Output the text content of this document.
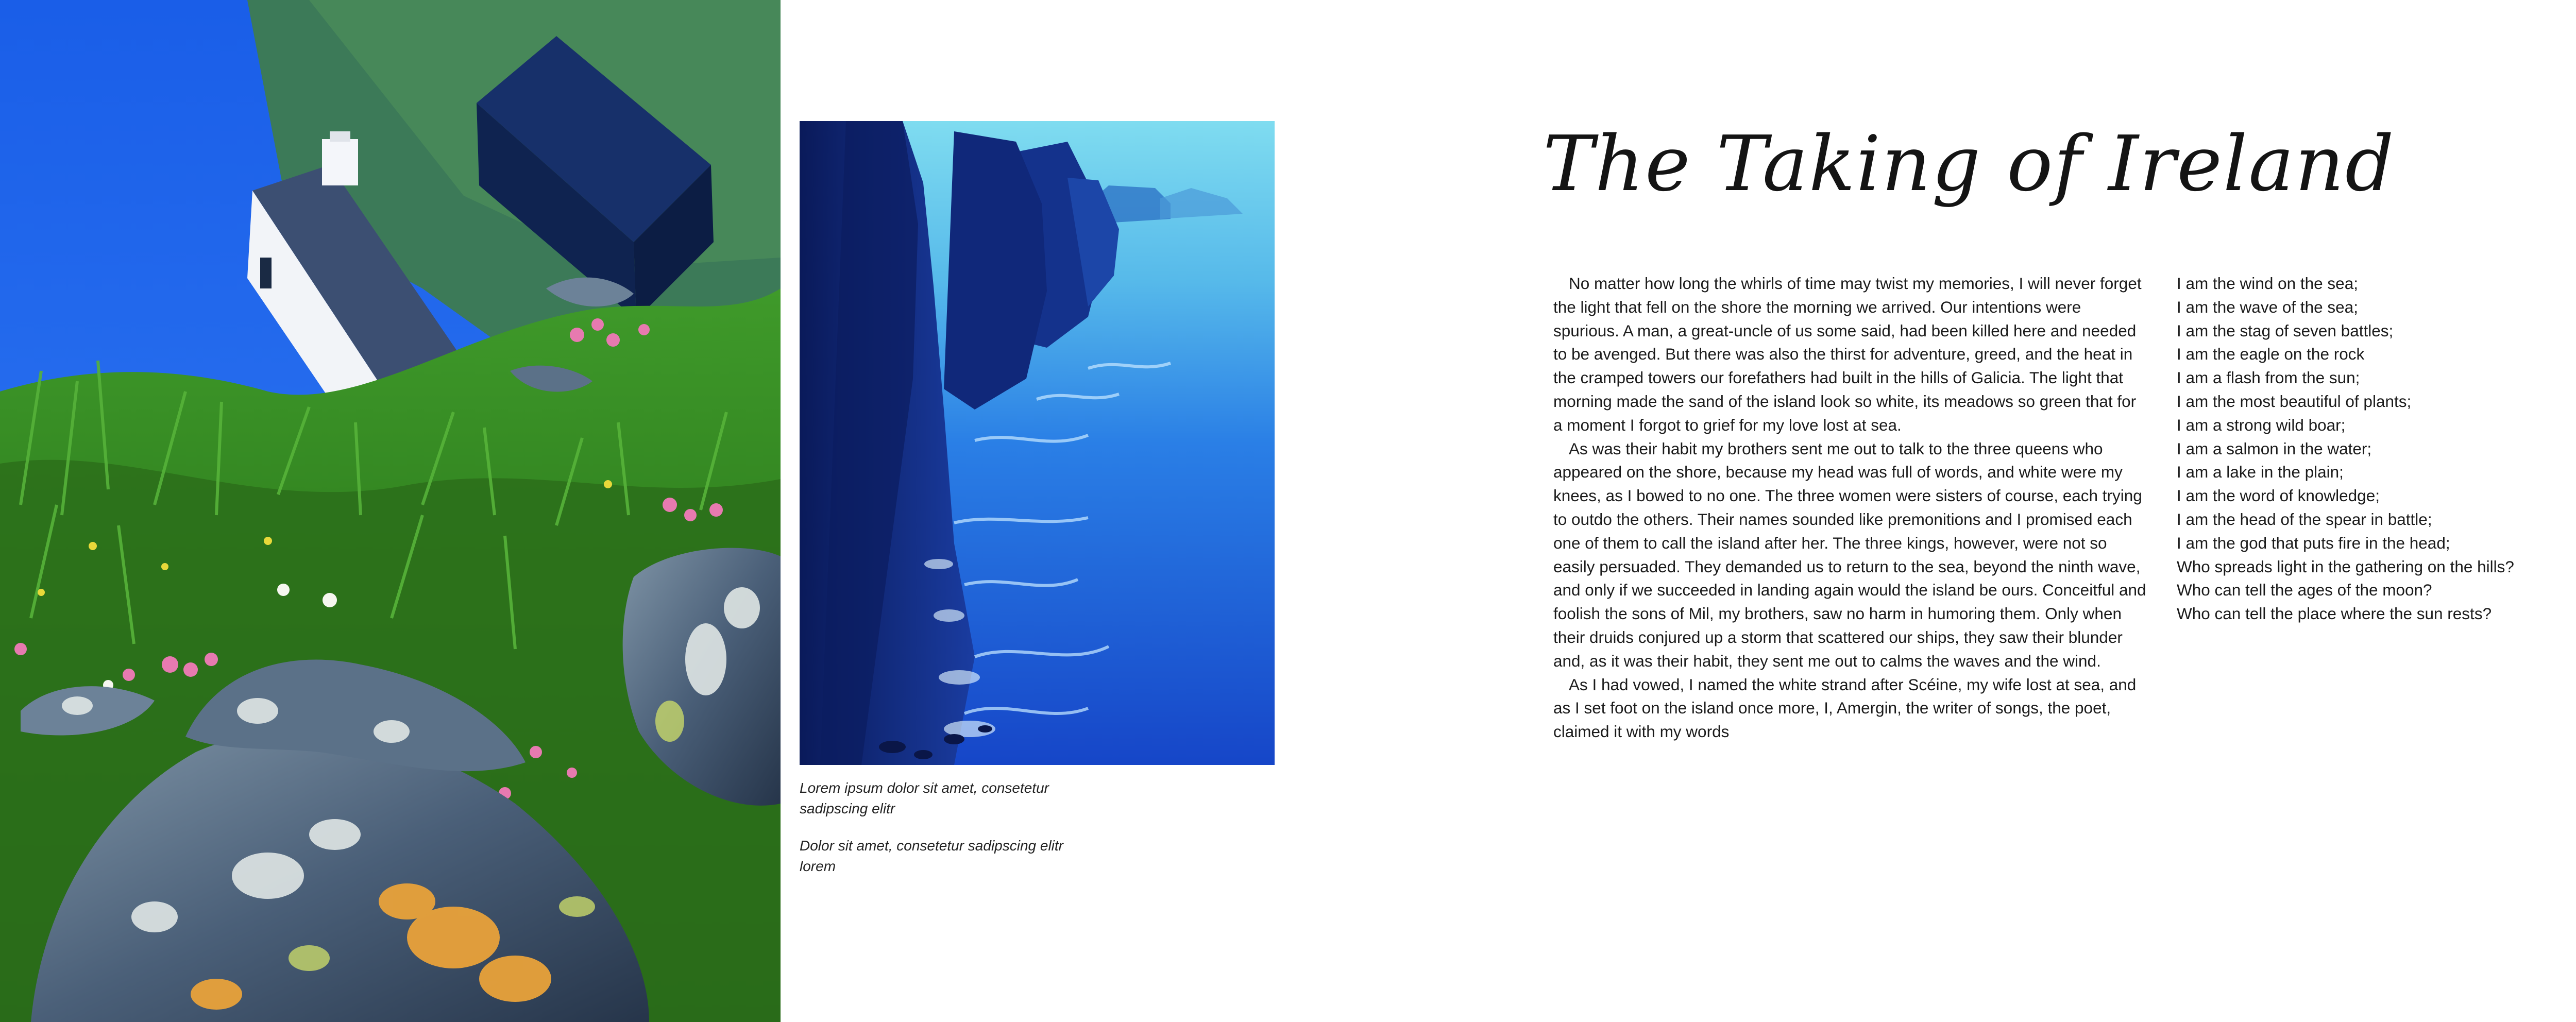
Lorem ipsum dolor sit amet, consetetur sadipscing elitr
Dolor sit amet, consetetur sadipscing elitr lorem
The Taking of Ireland

No matter how long the whirls of time may twist my memories, I will never forget the light that fell on the shore the morning we arrived. Our intentions were spurious. A man, a great-uncle of us some said, had been killed here and needed to be avenged. But there was also the thirst for adventure, greed, and the heat in the cramped towers our forefathers had built in the hills of Galicia. The light that morning made the sand of the island look so white, its meadows so green that for a moment I forgot to grief for my love lost at sea.

As was their habit my brothers sent me out to talk to the three queens who appeared on the shore, because my head was full of words, and white were my knees, as I bowed to no one. The three women were sisters of course, each trying to outdo the others. Their names sounded like premonitions and I promised each one of them to call the island after her. The three kings, however, were not so easily persuaded. They demanded us to return to the sea, beyond the ninth wave, and only if we succeeded in landing again would the island be ours. Conceitful and foolish the sons of Mil, my brothers, saw no harm in humoring them. Only when their druids conjured up a storm that scattered our ships, they saw their blunder and, as it was their habit, they sent me out to calms the waves and the wind.

As I had vowed, I named the white strand after Scéine, my wife lost at sea, and as I set foot on the island once more, I, Amergin, the writer of songs, the poet, claimed it with my words

I am the wind on the sea;
I am the wave of the sea;
I am the stag of seven battles;
I am the eagle on the rock
I am a flash from the sun;
I am the most beautiful of plants;
I am a strong wild boar;
I am a salmon in the water;
I am a lake in the plain;
I am the word of knowledge;
I am the head of the spear in battle;
I am the god that puts fire in the head;
Who spreads light in the gathering on the hills?
Who can tell the ages of the moon?
Who can tell the place where the sun rests?
